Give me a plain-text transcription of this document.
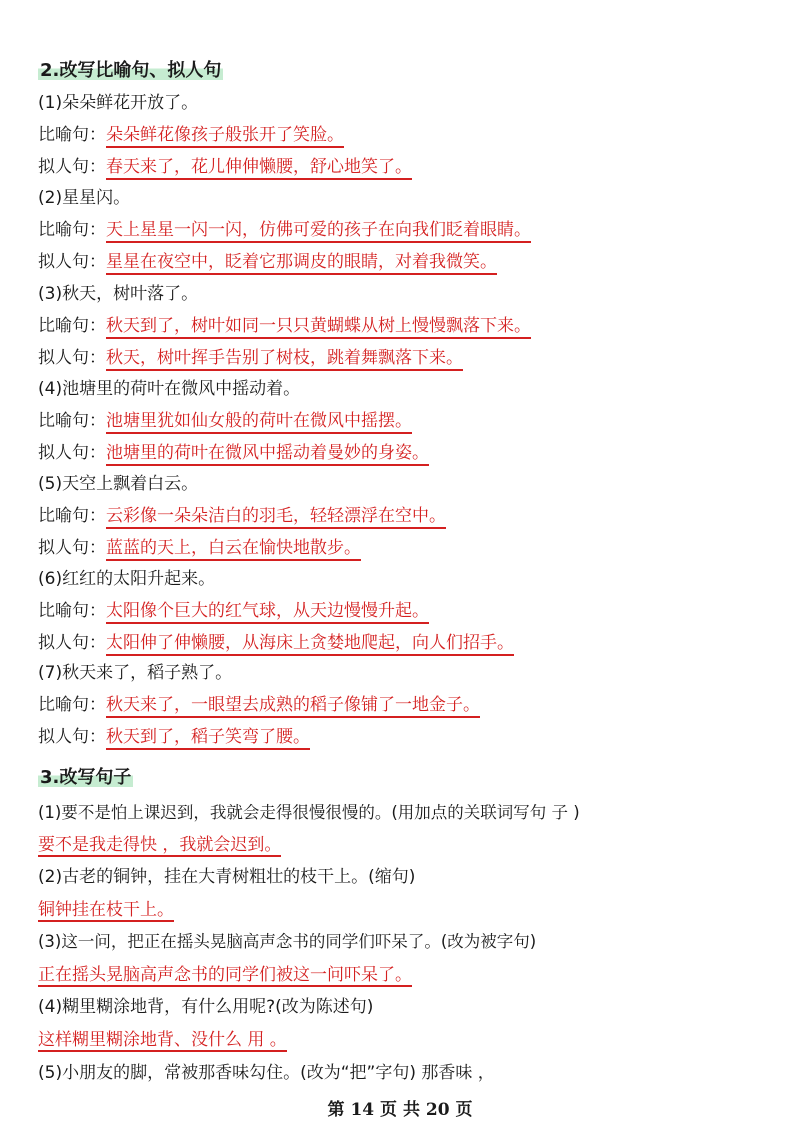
2.改写比喻句、拟人句
(1)朵朵鲜花开放了。
比喻句：朵朵鲜花像孩子般张开了笑脸。
拟人句：春天来了，花儿伸伸懒腰，舒心地笑了。
(2)星星闪。
比喻句：天上星星一闪一闪，仿佛可爱的孩子在向我们眨着眼睛。
拟人句：星星在夜空中，眨着它那调皮的眼睛，对着我微笑。
(3)秋天，树叶落了。
比喻句：秋天到了，树叶如同一只只黄蝴蝶从树上慢慢飘落下来。
拟人句：秋天，树叶挥手告别了树枝，跳着舞飘落下来。
(4)池塘里的荷叶在微风中摇动着。
比喻句：池塘里犹如仙女般的荷叶在微风中摇摆。
拟人句：池塘里的荷叶在微风中摇动着曼妙的身姿。
(5)天空上飘着白云。
比喻句：云彩像一朵朵洁白的羽毛，轻轻漂浮在空中。
拟人句：蓝蓝的天上，白云在愉快地散步。
(6)红红的太阳升起来。
比喻句：太阳像个巨大的红气球，从天边慢慢升起。
拟人句：太阳伸了伸懒腰，从海床上贪婪地爬起，向人们招手。
(7)秋天来了，稻子熟了。
比喻句：秋天来了，一眼望去成熟的稻子像铺了一地金子。
拟人句：秋天到了，稻子笑弯了腰。
3.改写句子
(1)要不是怕上课迟到，我就会走得很慢很慢的。(用加点的关联词写句 子 )
要不是我走得快 ，我就会迟到。
(2)古老的铜钟，挂在大青树粗壮的枝干上。(缩句)
铜钟挂在枝干上。
(3)这一问，把正在摇头晃脑高声念书的同学们吓呆了。(改为被字句)
正在摇头晃脑高声念书的同学们被这一问吓呆了。
(4)糊里糊涂地背，有什么用呢?(改为陈述句)
这样糊里糊涂地背、没什么 用 。
(5)小朋友的脚，常被那香味勾住。(改为“把”字句) 那香味 ，
第 14 页 共 20 页
